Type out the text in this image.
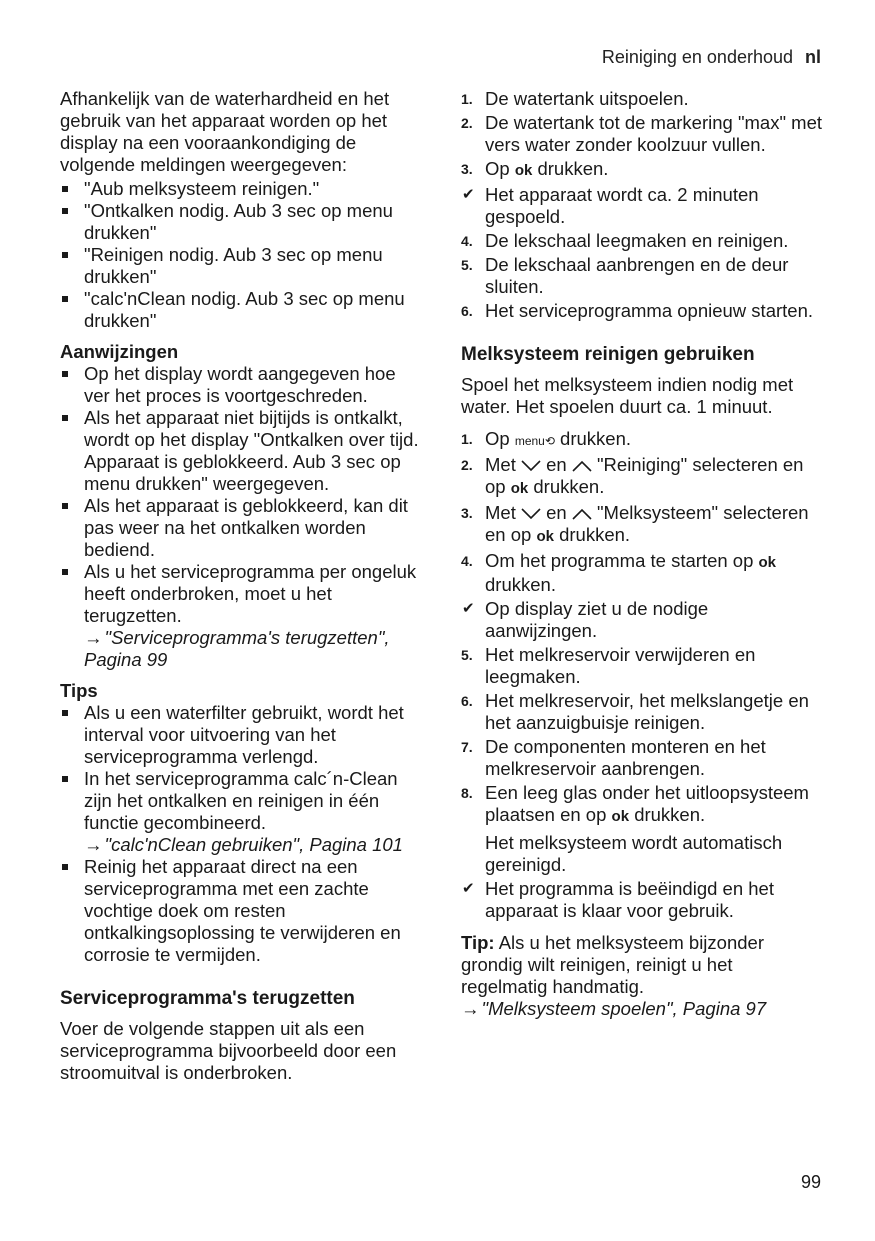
Reiniging en onderhoud nl

Afhankelijk van de waterhardheid en het gebruik van het apparaat worden op het display na een vooraankondiging de volgende meldingen weergegeven:

"Aub melksysteem reinigen."
"Ontkalken nodig. Aub 3 sec op menu drukken"
"Reinigen nodig. Aub 3 sec op menu drukken"
"calc'nClean nodig. Aub 3 sec op menu drukken"

Aanwijzingen

Op het display wordt aangegeven hoe ver het proces is voortgeschreden.
Als het apparaat niet bijtijds is ontkalkt, wordt op het display "Ontkalken over tijd. Apparaat is geblokkeerd. Aub 3 sec op menu drukken" weergegeven.
Als het apparaat is geblokkeerd, kan dit pas weer na het ontkalken worden bediend.
Als u het serviceprogramma per ongeluk heeft onderbroken, moet u het terugzetten.
→ "Serviceprogramma's terugzetten", Pagina 99

Tips

Als u een waterfilter gebruikt, wordt het interval voor uitvoering van het serviceprogramma verlengd.
In het serviceprogramma calc´n-Clean zijn het ontkalken en reinigen in één functie gecombineerd.
→ "calc'nClean gebruiken", Pagina 101
Reinig het apparaat direct na een serviceprogramma met een zachte vochtige doek om resten ontkalkingsoplossing te verwijderen en corrosie te vermijden.
Serviceprogramma's terugzetten

Voer de volgende stappen uit als een serviceprogramma bijvoorbeeld door een stroomuitval is onderbroken.

1. De watertank uitspoelen.
2. De watertank tot de markering "max" met vers water zonder koolzuur vullen.
3. Op ok drukken.
✔ Het apparaat wordt ca. 2 minuten gespoeld.
4. De lekschaal leegmaken en reinigen.
5. De lekschaal aanbrengen en de deur sluiten.
6. Het serviceprogramma opnieuw starten.
Melksysteem reinigen gebruiken

Spoel het melksysteem indien nodig met water. Het spoelen duurt ca. 1 minuut.

1. Op menu⟲ drukken.
2. Met en "Reiniging" selecteren en op ok drukken.
3. Met en "Melksysteem" selecteren en op ok drukken.
4. Om het programma te starten op ok drukken.
✔ Op display ziet u de nodige aanwijzingen.
5. Het melkreservoir verwijderen en leegmaken.
6. Het melkreservoir, het melkslangetje en het aanzuigbuisje reinigen.
7. De componenten monteren en het melkreservoir aanbrengen.
8. Een leeg glas onder het uitloopsysteem plaatsen en op ok drukken.

Het melksysteem wordt automatisch gereinigd.

✔ Het programma is beëindigd en het apparaat is klaar voor gebruik.

Tip: Als u het melksysteem bijzonder grondig wilt reinigen, reinigt u het regelmatig handmatig.
→ "Melksysteem spoelen", Pagina 97

99
